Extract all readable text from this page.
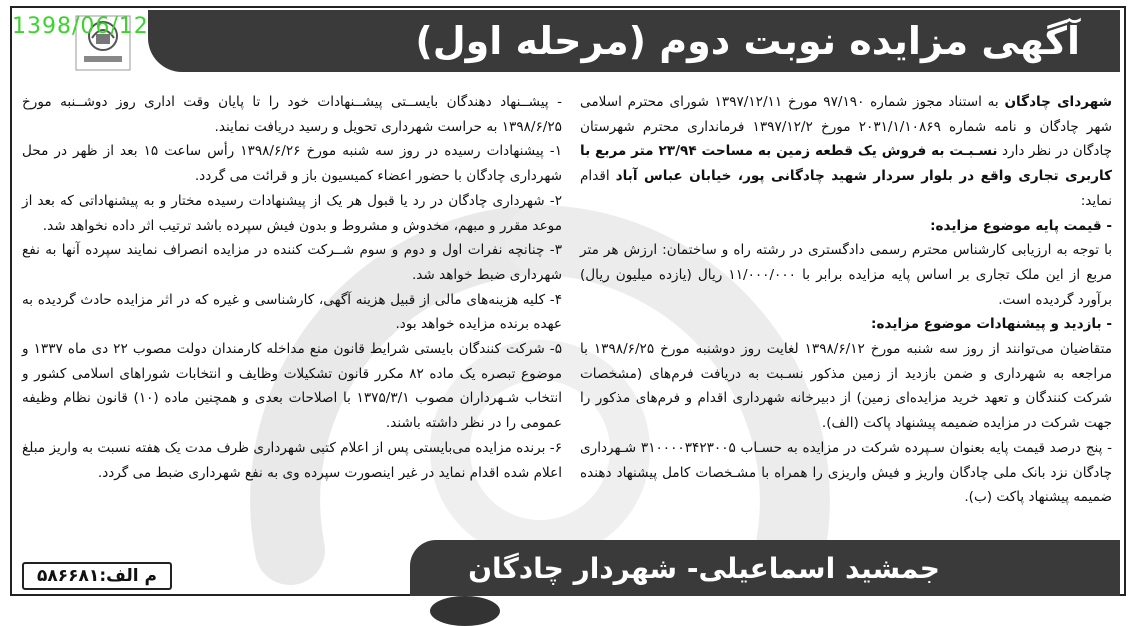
1398/06/12	آگهی مزایده نوبت دوم (مرحله اول)

شهردای چادگان به استناد مجوز شماره ۹۷/۱۹۰ مورخ ۱۳۹۷/۱۲/۱۱ شورای محترم اسلامی شهر چادگان و نامه شماره ۲۰۳۱/۱/۱۰۸۶۹ مورخ ۱۳۹۷/۱۲/۲ فرمانداری محترم شهرستان چادگان در نظر دارد نسـبـت به فروش یک قطعه زمین به مساحت ۲۳/۹۴ متر مربع با کاربری تجاری واقع در بلوار سردار شهید چادگانی پور، خیابان عباس آباد اقدام نماید:

- قیمت پایه موضوع مزایده:

با توجه به ارزیابی کارشناس محترم رسمی دادگستری در رشته راه و ساختمان: ارزش هر متر مربع از این ملک تجاری بر اساس پایه مزایده برابر با ۱۱/۰۰۰/۰۰۰ ریال (یازده میلیون ریال) برآورد گردیده است.

- بازدید و پیشنهادات موضوع مزایده:

متقاضیان می‌توانند از روز سه شنبه مورخ ۱۳۹۸/۶/۱۲ لغایت روز دوشنبه مورخ ۱۳۹۸/۶/۲۵ با مراجعه به شهرداری و ضمن بازدید از زمین مذکور نسـبت به دریافت فرم‌های (مشخصات شرکت کنندگان و تعهد خرید مزایده‌ای زمین) از دبیرخانه شهرداری اقدام و فرم‌های مذکور را جهت شرکت در مزایده ضمیمه پیشنهاد پاکت (الف).

- پنج درصد قیمت پایه بعنوان سـپرده شرکت در مزایده به حسـاب ۳۱۰۰۰۰۳۴۲۳۰۰۵ شـهرداری چادگان نزد بانک ملی چادگان واریز و فیش واریزی را همراه با مشـخصات کامل پیشنهاد دهنده ضمیمه پیشنهاد پاکت (ب).

- پیشــنهاد دهندگان بایســتی پیشــنهادات خود را تا پایان وقت اداری روز دوشــنبه مورخ ۱۳۹۸/۶/۲۵ به حراست شهرداری تحویل و رسید دریافت نمایند.

۱- پیشنهادات رسیده در روز سه شنبه مورخ ۱۳۹۸/۶/۲۶ رأس ساعت ۱۵ بعد از ظهر در محل شهرداری چادگان با حضور اعضاء کمیسیون باز و قرائت می گردد.

۲- شهرداری چادگان در رد یا قبول هر یک از پیشنهادات رسیده مختار و به پیشنهاداتی که بعد از موعد مقرر و مبهم، مخدوش و مشروط و بدون فیش سپرده باشد ترتیب اثر داده نخواهد شد.

۳- چنانچه نفرات اول و دوم و سوم شــرکت کننده در مزایده انصراف نمایند سپرده آنها به نفع شهرداری ضبط خواهد شد.

۴- کلیه هزینه‌های مالی از قبیل هزینه آگهی، کارشناسی و غیره که در اثر مزایده حادث گردیده به عهده برنده مزایده خواهد بود.

۵- شرکت کنندگان بایستی شرایط قانون منع مداخله کارمندان دولت مصوب ۲۲ دی ماه ۱۳۳۷ و موضوع تبصره یک ماده ۸۲ مکرر قانون تشکیلات وظایف و انتخابات شوراهای اسلامی کشور و انتخاب شـهرداران مصوب ۱۳۷۵/۳/۱ با اصلاحات بعدی و همچنین ماده (۱۰) قانون نظام وظیفه عمومی را در نظر داشته باشند.

۶- برنده مزایده می‌بایستی پس از اعلام کتبی شهرداری ظرف مدت یک هفته نسبت به واریز مبلغ اعلام شده اقدام نماید در غیر اینصورت سپرده وی به نفع شهرداری ضبط می گردد.

جمشید اسماعیلی- شهردار چادگان
م الف:۵۸۶۶۸۱
